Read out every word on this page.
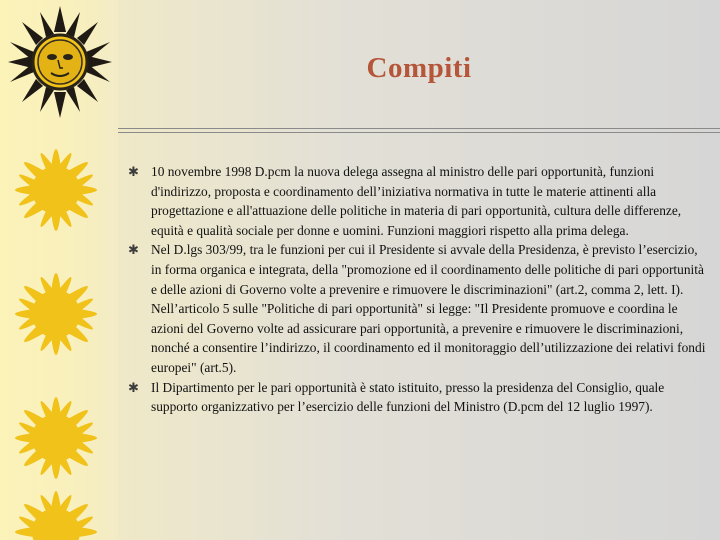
Compiti
✱ 10 novembre 1998 D.pcm la nuova delega assegna al ministro delle pari opportunità, funzioni d'indirizzo, proposta e coordinamento dell’iniziativa normativa in tutte le materie attinenti alla progettazione e all'attuazione delle politiche in materia di pari opportunità, cultura delle differenze, equità e qualità sociale per donne e uomini. Funzioni maggiori rispetto alla prima delega.
✱ Nel D.lgs 303/99, tra le funzioni per cui il Presidente si avvale della Presidenza, è previsto l’esercizio, in forma organica e integrata, della "promozione ed il coordinamento delle politiche di pari opportunità e delle azioni di Governo volte a prevenire e rimuovere le discriminazioni" (art.2, comma 2, lett. I). Nell’articolo 5 sulle "Politiche di pari opportunità" si legge: "Il Presidente promuove e coordina le azioni del Governo volte ad assicurare pari opportunità, a prevenire e rimuovere le discriminazioni, nonché a consentire l’indirizzo, il coordinamento ed il monitoraggio dell’utilizzazione dei relativi fondi europei" (art.5).
✱ Il Dipartimento per le pari opportunità è stato istituito, presso la presidenza del Consiglio, quale supporto organizzativo per l’esercizio delle funzioni del Ministro (D.pcm del 12 luglio 1997).
